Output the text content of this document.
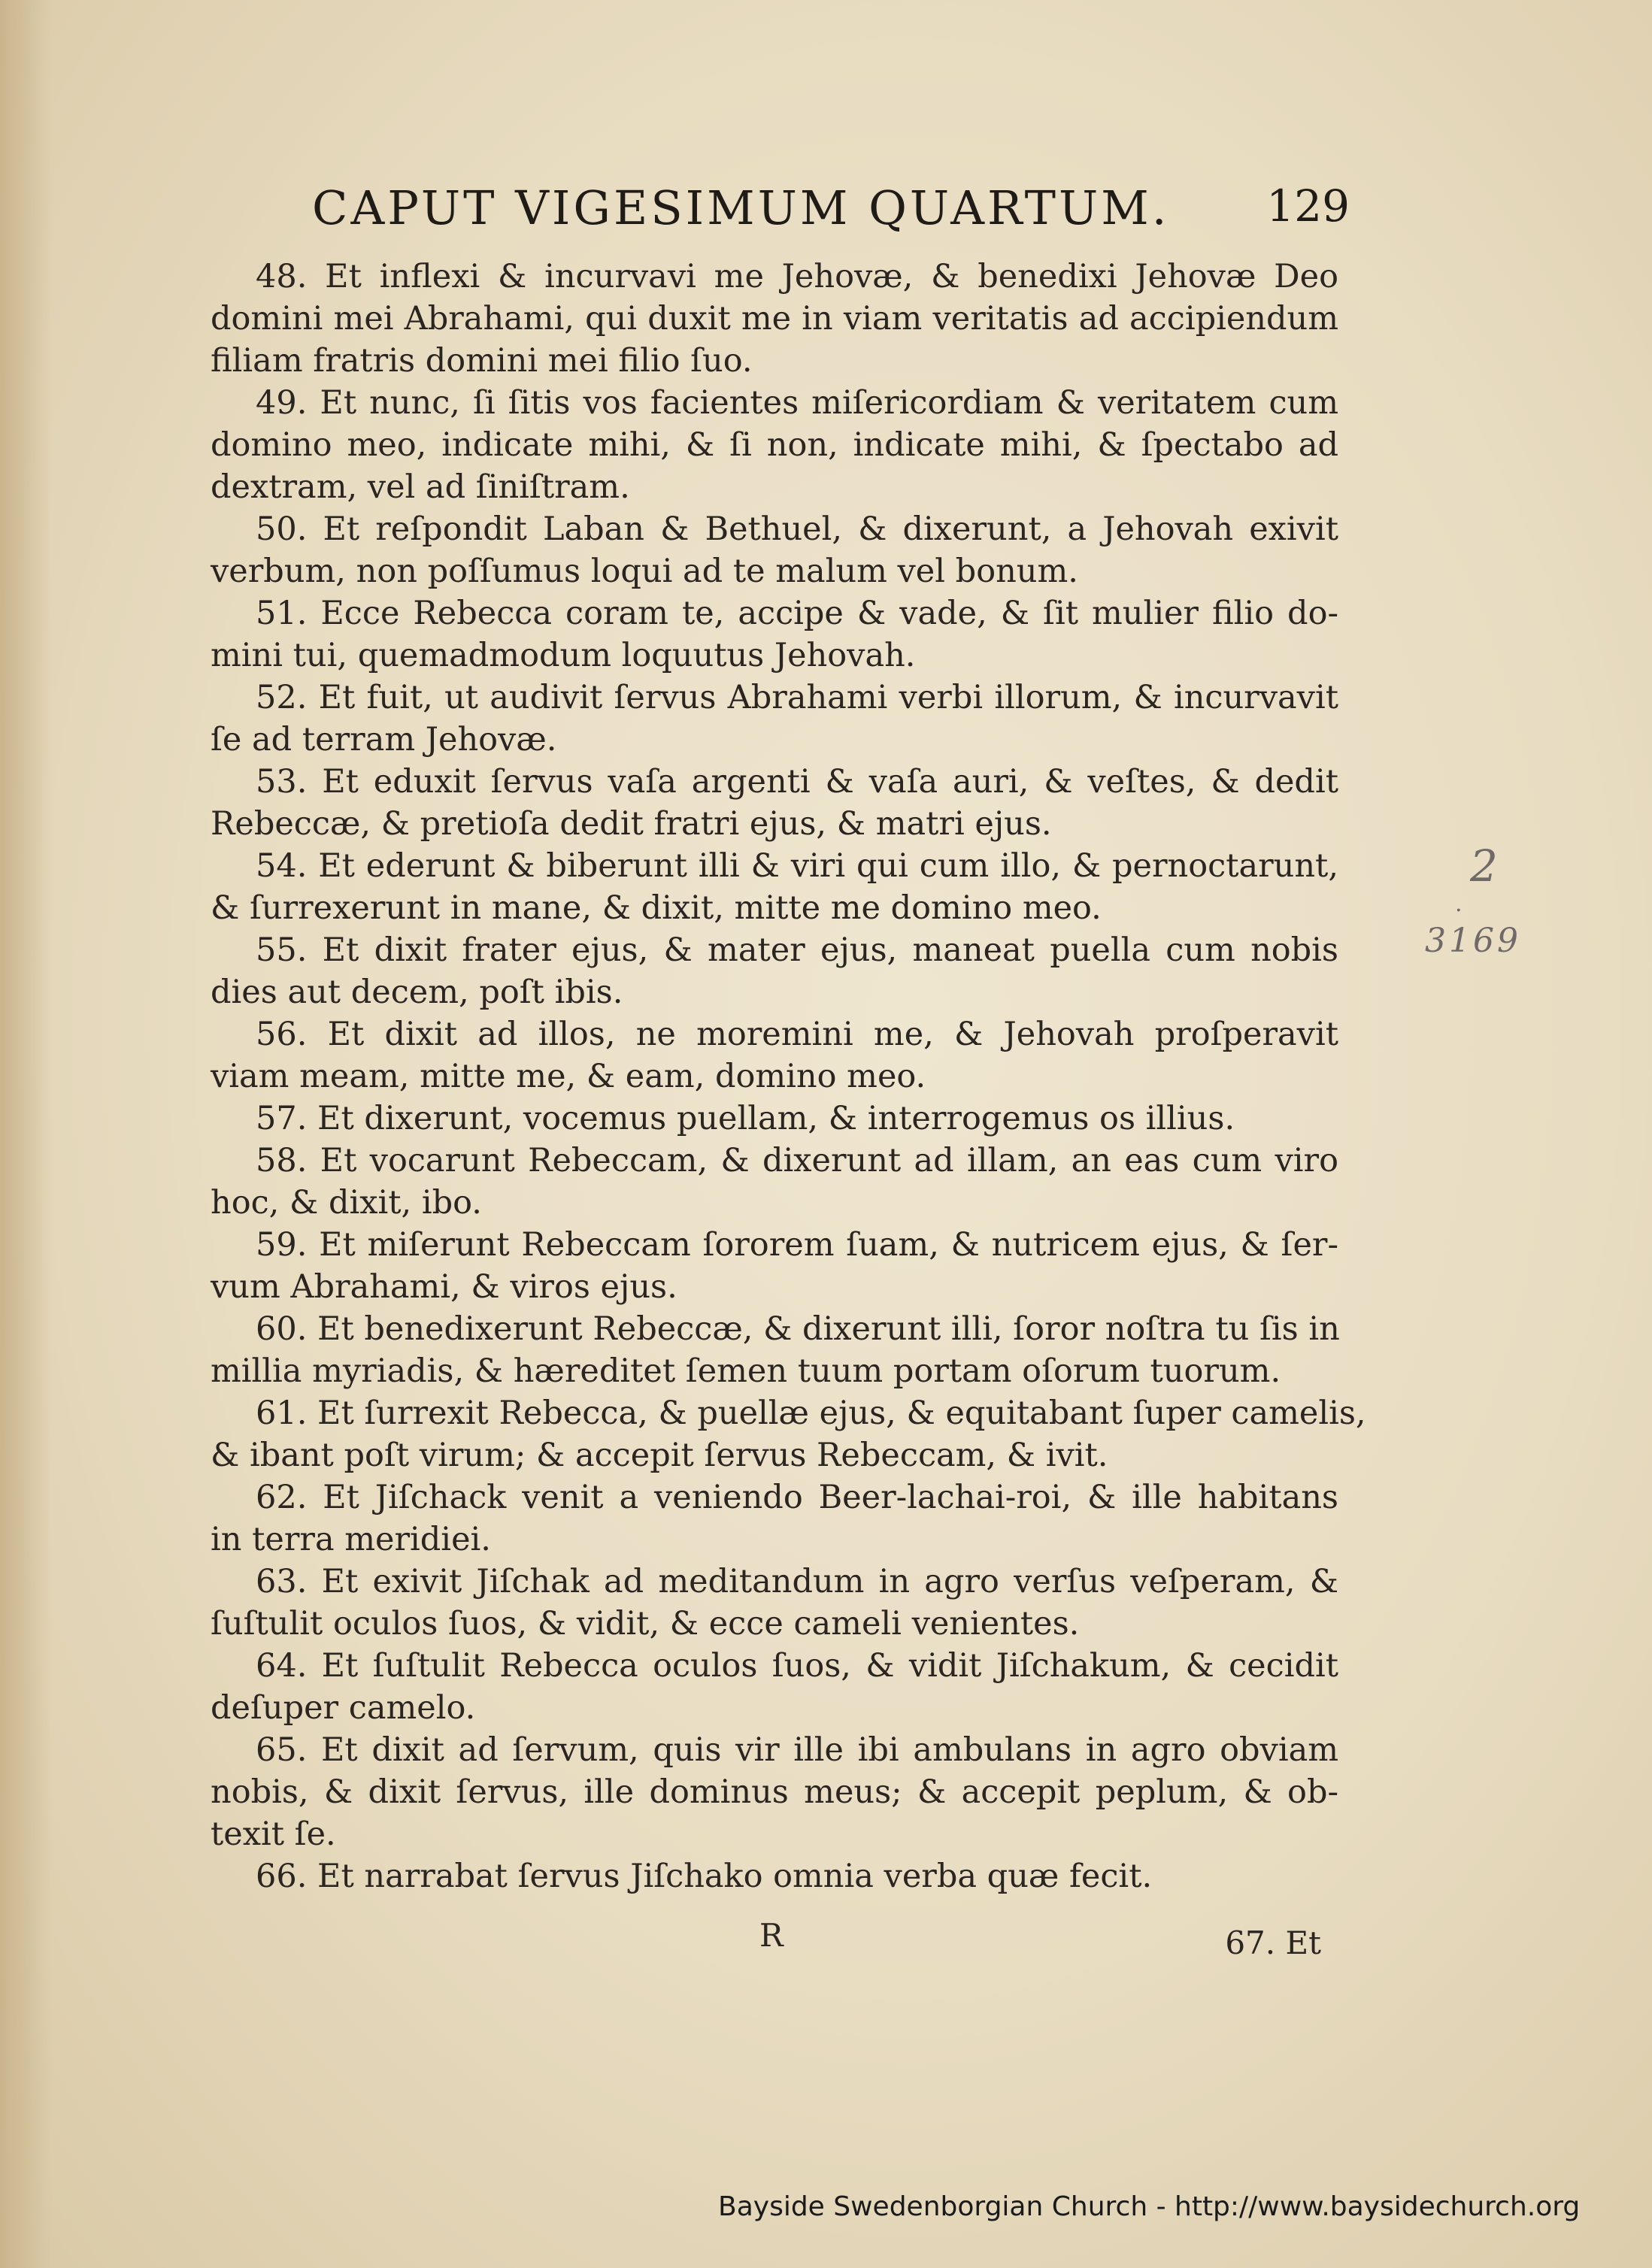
CAPUT VIGESIMUM QUARTUM. 129
48. Et inflexi & incurvavi me Jehovæ, & benedixi Jehovæ Deo
domini mei Abrahami, qui duxit me in viam veritatis ad accipiendum
filiam fratris domini mei filio ſuo.
49. Et nunc, ſi ſitis vos facientes miſericordiam & veritatem cum
domino meo, indicate mihi, & ſi non, indicate mihi, & ſpectabo ad
dextram, vel ad ſiniſtram.
50. Et reſpondit Laban & Bethuel, & dixerunt, a Jehovah exivit
verbum, non poſſumus loqui ad te malum vel bonum.
51. Ecce Rebecca coram te, accipe & vade, & ſit mulier filio do-
mini tui, quemadmodum loquutus Jehovah.
52. Et fuit, ut audivit ſervus Abrahami verbi illorum, & incurvavit
ſe ad terram Jehovæ.
53. Et eduxit ſervus vaſa argenti & vaſa auri, & veſtes, & dedit
Rebeccæ, & pretioſa dedit fratri ejus, & matri ejus.
54. Et ederunt & biberunt illi & viri qui cum illo, & pernoctarunt,
& ſurrexerunt in mane, & dixit, mitte me domino meo.
55. Et dixit frater ejus, & mater ejus, maneat puella cum nobis
dies aut decem, poſt ibis.
56. Et dixit ad illos, ne moremini me, & Jehovah proſperavit
viam meam, mitte me, & eam, domino meo.
57. Et dixerunt, vocemus puellam, & interrogemus os illius.
58. Et vocarunt Rebeccam, & dixerunt ad illam, an eas cum viro
hoc, & dixit, ibo.
59. Et miſerunt Rebeccam ſororem ſuam, & nutricem ejus, & ſer-
vum Abrahami, & viros ejus.
60. Et benedixerunt Rebeccæ, & dixerunt illi, ſoror noſtra tu ſis in
millia myriadis, & hæreditet ſemen tuum portam oſorum tuorum.
61. Et ſurrexit Rebecca, & puellæ ejus, & equitabant ſuper camelis,
& ibant poſt virum; & accepit ſervus Rebeccam, & ivit.
62. Et Jiſchack venit a veniendo Beer-lachai-roi, & ille habitans
in terra meridiei.
63. Et exivit Jiſchak ad meditandum in agro verſus veſperam, &
ſuſtulit oculos ſuos, & vidit, & ecce cameli venientes.
64. Et ſuſtulit Rebecca oculos ſuos, & vidit Jiſchakum, & cecidit
deſuper camelo.
65. Et dixit ad ſervum, quis vir ille ibi ambulans in agro obviam
nobis, & dixit ſervus, ille dominus meus; & accepit peplum, & ob-
texit ſe.
66. Et narrabat ſervus Jiſchako omnia verba quæ fecit.
R	67. Et
2
.
3169
Bayside Swedenborgian Church - http://www.baysidechurch.org
